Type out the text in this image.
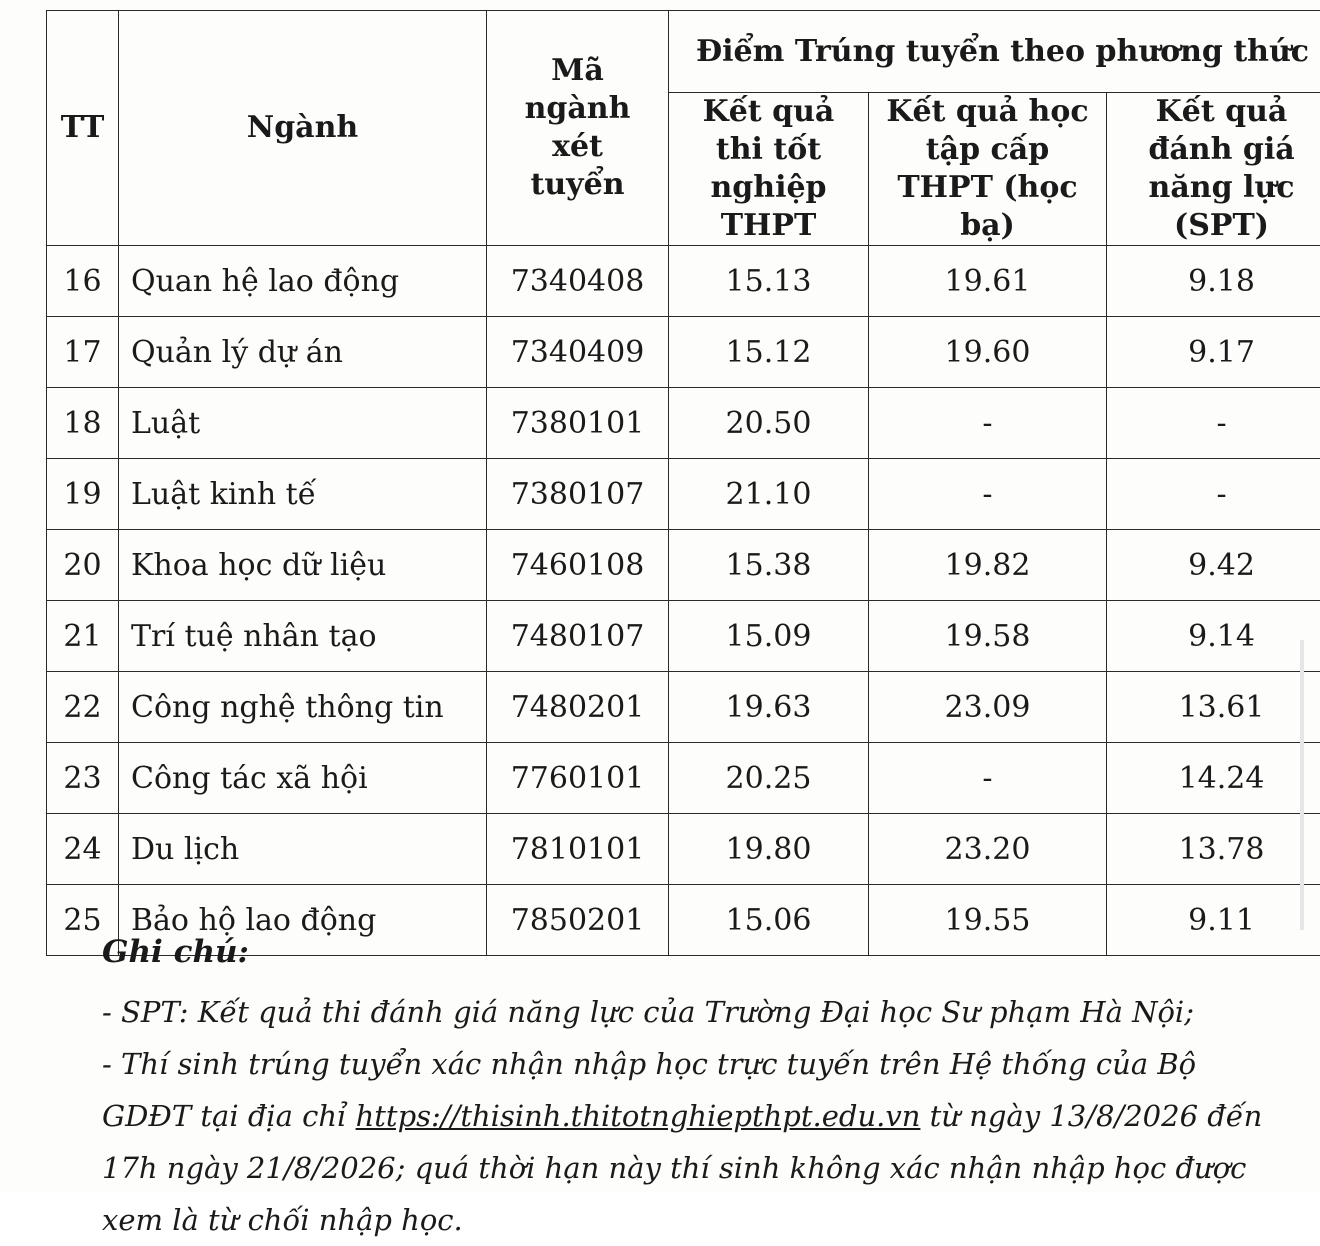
TT	Ngành	Mã ngành xét tuyển	Điểm Trúng tuyển theo phương thức		
			Kết quả thi tốt nghiệp THPT	Kết quả học tập cấp THPT (học bạ)	Kết quả đánh giá năng lực (SPT)
16	Quan hệ lao động	7340408	15.13	19.61	9.18
17	Quản lý dự án	7340409	15.12	19.60	9.17
18	Luật	7380101	20.50	-	-
19	Luật kinh tế	7380107	21.10	-	-
20	Khoa học dữ liệu	7460108	15.38	19.82	9.42
21	Trí tuệ nhân tạo	7480107	15.09	19.58	9.14
22	Công nghệ thông tin	7480201	19.63	23.09	13.61
23	Công tác xã hội	7760101	20.25	-	14.24
24	Du lịch	7810101	19.80	23.20	13.78
25	Bảo hộ lao động	7850201	15.06	19.55	9.11
Ghi chú:
- SPT: Kết quả thi đánh giá năng lực của Trường Đại học Sư phạm Hà Nội;
- Thí sinh trúng tuyển xác nhận nhập học trực tuyến trên Hệ thống của Bộ GDĐT tại địa chỉ https://thisinh.thitotnghiepthpt.edu.vn từ ngày 13/8/2026 đến 17h ngày 21/8/2026; quá thời hạn này thí sinh không xác nhận nhập học được xem là từ chối nhập học.
